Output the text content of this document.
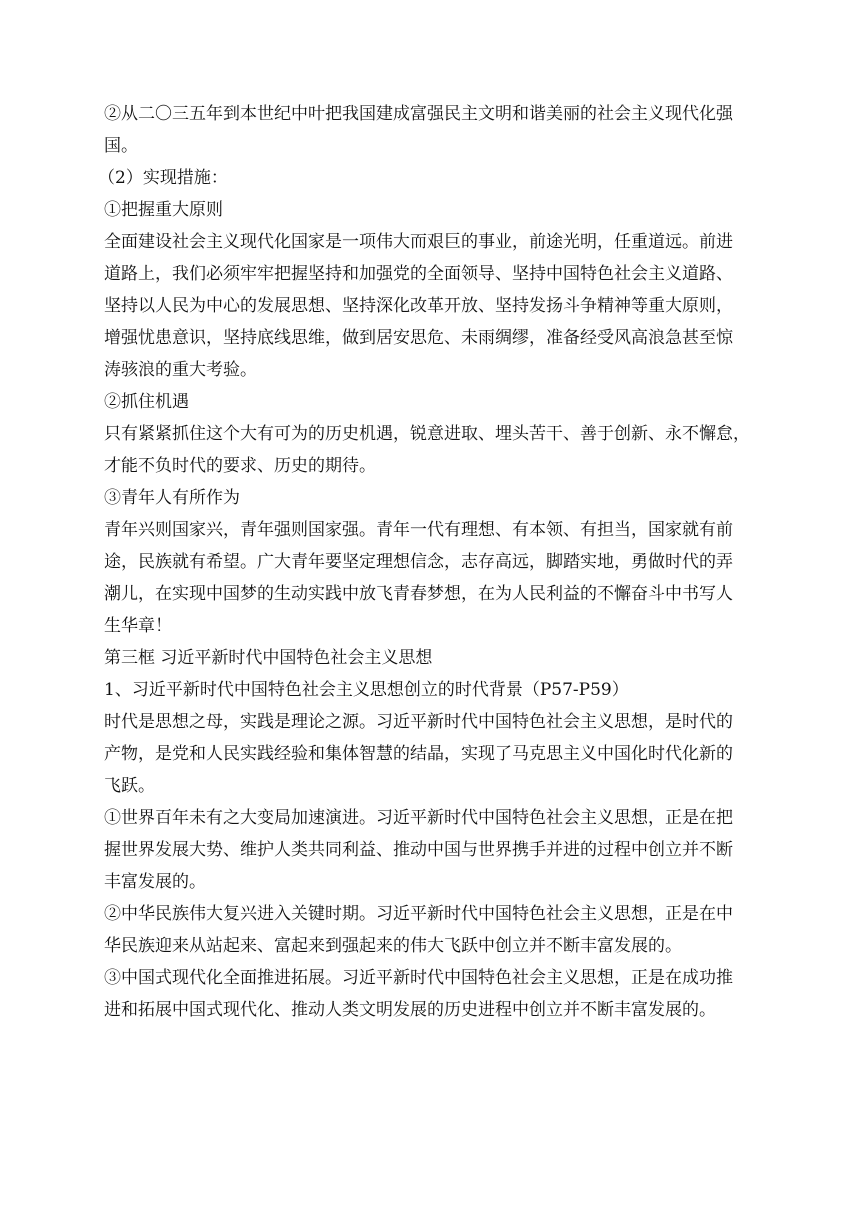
②从二〇三五年到本世纪中叶把我国建成富强民主文明和谐美丽的社会主义现代化强
国。
（2）实现措施：
①把握重大原则
全面建设社会主义现代化国家是一项伟大而艰巨的事业，前途光明，任重道远。前进
道路上，我们必须牢牢把握坚持和加强党的全面领导、坚持中国特色社会主义道路、
坚持以人民为中心的发展思想、坚持深化改革开放、坚持发扬斗争精神等重大原则，
增强忧患意识，坚持底线思维，做到居安思危、未雨绸缪，准备经受风高浪急甚至惊
涛骇浪的重大考验。
②抓住机遇
只有紧紧抓住这个大有可为的历史机遇，锐意进取、埋头苦干、善于创新、永不懈怠，
才能不负时代的要求、历史的期待。
③青年人有所作为
青年兴则国家兴，青年强则国家强。青年一代有理想、有本领、有担当，国家就有前
途，民族就有希望。广大青年要坚定理想信念，志存高远，脚踏实地，勇做时代的弄
潮儿，在实现中国梦的生动实践中放飞青春梦想，在为人民利益的不懈奋斗中书写人
生华章！
第三框 习近平新时代中国特色社会主义思想
1、习近平新时代中国特色社会主义思想创立的时代背景（P57-P59）
时代是思想之母，实践是理论之源。习近平新时代中国特色社会主义思想，是时代的
产物，是党和人民实践经验和集体智慧的结晶，实现了马克思主义中国化时代化新的
飞跃。
①世界百年未有之大变局加速演进。习近平新时代中国特色社会主义思想，正是在把
握世界发展大势、维护人类共同利益、推动中国与世界携手并进的过程中创立并不断
丰富发展的。
②中华民族伟大复兴进入关键时期。习近平新时代中国特色社会主义思想，正是在中
华民族迎来从站起来、富起来到强起来的伟大飞跃中创立并不断丰富发展的。
③中国式现代化全面推进拓展。习近平新时代中国特色社会主义思想，正是在成功推
进和拓展中国式现代化、推动人类文明发展的历史进程中创立并不断丰富发展的。
